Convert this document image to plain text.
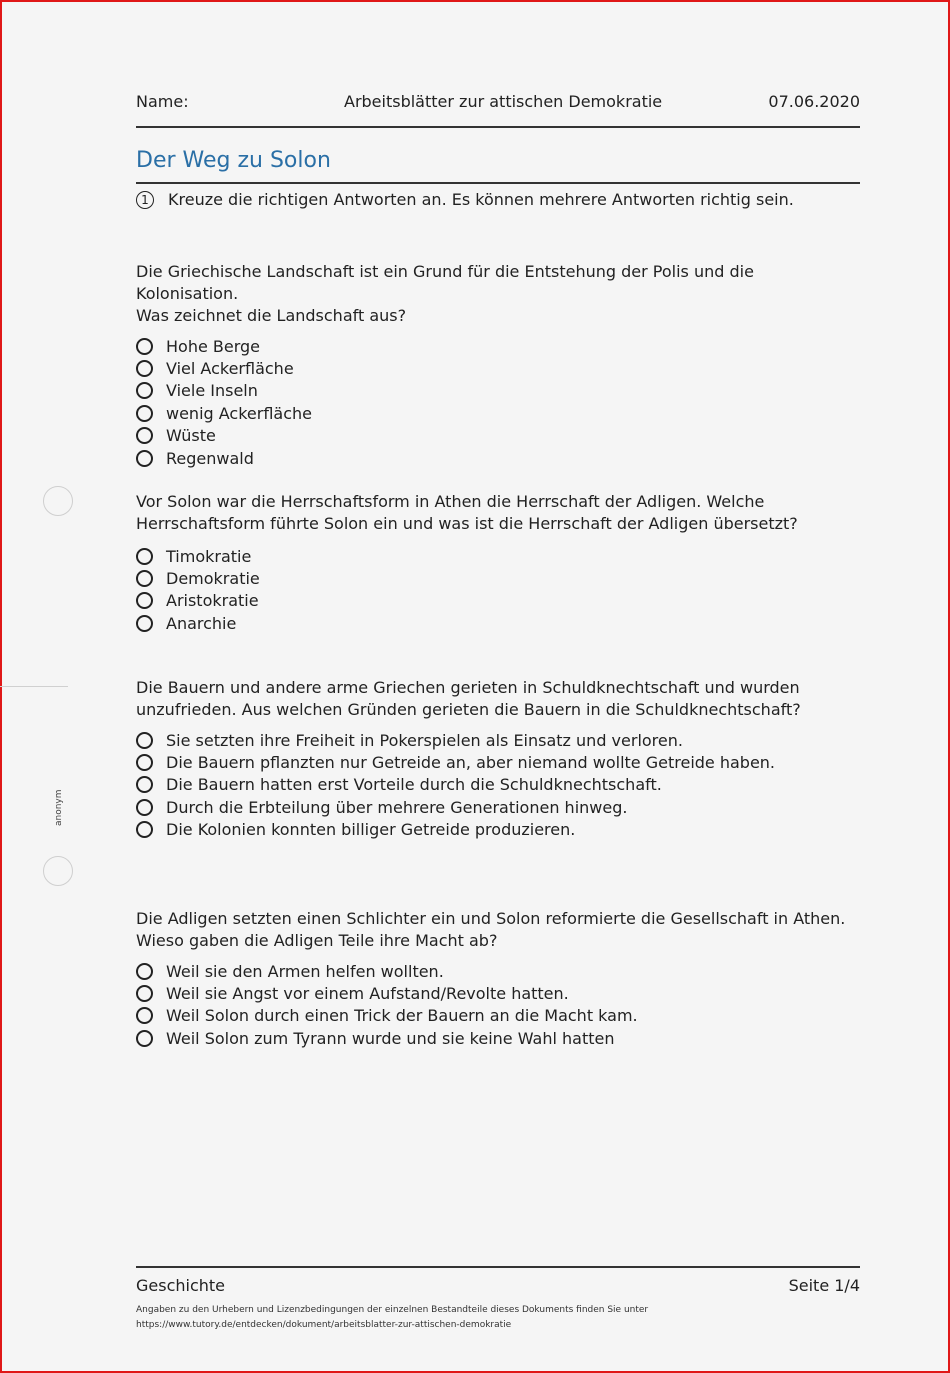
anonym
Name:	Arbeitsblätter zur attischen Demokratie	07.06.2020
Der Weg zu Solon
1	Kreuze die richtigen Antworten an. Es können mehrere Antworten richtig sein.
Die Griechische Landschaft ist ein Grund für die Entstehung der Polis und die Kolonisation.
Was zeichnet die Landschaft aus?
Hohe Berge
Viel Ackerfläche
Viele Inseln
wenig Ackerfläche
Wüste
Regenwald
Vor Solon war die Herrschaftsform in Athen die Herrschaft der Adligen. Welche
Herrschaftsform führte Solon ein und was ist die Herrschaft der Adligen übersetzt?
Timokratie
Demokratie
Aristokratie
Anarchie
Die Bauern und andere arme Griechen gerieten in Schuldknechtschaft und wurden
unzufrieden. Aus welchen Gründen gerieten die Bauern in die Schuldknechtschaft?
Sie setzten ihre Freiheit in Pokerspielen als Einsatz und verloren.
Die Bauern pflanzten nur Getreide an, aber niemand wollte Getreide haben.
Die Bauern hatten erst Vorteile durch die Schuldknechtschaft.
Durch die Erbteilung über mehrere Generationen hinweg.
Die Kolonien konnten billiger Getreide produzieren.
Die Adligen setzten einen Schlichter ein und Solon reformierte die Gesellschaft in Athen.
Wieso gaben die Adligen Teile ihre Macht ab?
Weil sie den Armen helfen wollten.
Weil sie Angst vor einem Aufstand/Revolte hatten.
Weil Solon durch einen Trick der Bauern an die Macht kam.
Weil Solon zum Tyrann wurde und sie keine Wahl hatten
Geschichte	Seite 1/4
Angaben zu den Urhebern und Lizenzbedingungen der einzelnen Bestandteile dieses Dokuments finden Sie unter
https://www.tutory.de/entdecken/dokument/arbeitsblatter-zur-attischen-demokratie
